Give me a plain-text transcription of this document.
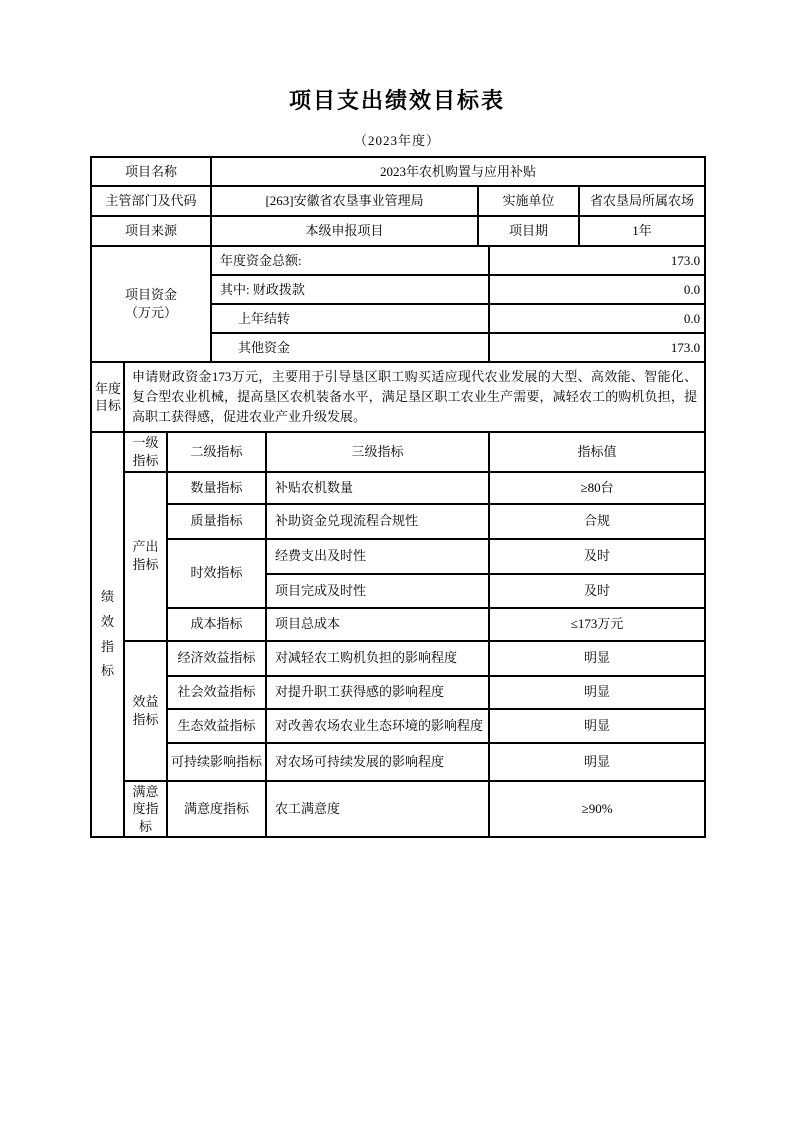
项目支出绩效目标表
（2023年度）
项目名称			2023年农机购置与应用补贴				
主管部门及代码			[263]安徽省农垦事业管理局		实施单位		省农垦局所属农场
项目来源			本级申报项目		项目期		1年

项目资金
（万元）			年度资金总额:			173.0	
			其中: 财政拨款			0.0	
			上年结转			0.0	
			其他资金			173.0	

年度目标	申请财政资金173万元，主要用于引导垦区职工购买适应现代农业发展的大型、高效能、智能化、复合型农业机械，提高垦区农机装备水平，满足垦区职工农业生产需要，减轻农工的购机负担，提高职工获得感，促进农业产业升级发展。						

绩效指标	一级指标	二级指标		三级指标		指标值	
	产出指标	数量指标		补贴农机数量		≥80台	
		质量指标		补助资金兑现流程合规性		合规	
		时效指标		经费支出及时性		及时	
				项目完成及时性		及时	
		成本指标		项目总成本		≤173万元	
	效益指标	经济效益指标		对减轻农工购机负担的影响程度		明显	
		社会效益指标		对提升职工获得感的影响程度		明显	
		生态效益指标		对改善农场农业生态环境的影响程度		明显	
		可持续影响指标		对农场可持续发展的影响程度		明显	

	满意度指标	满意度指标		农工满意度		≥90%	
